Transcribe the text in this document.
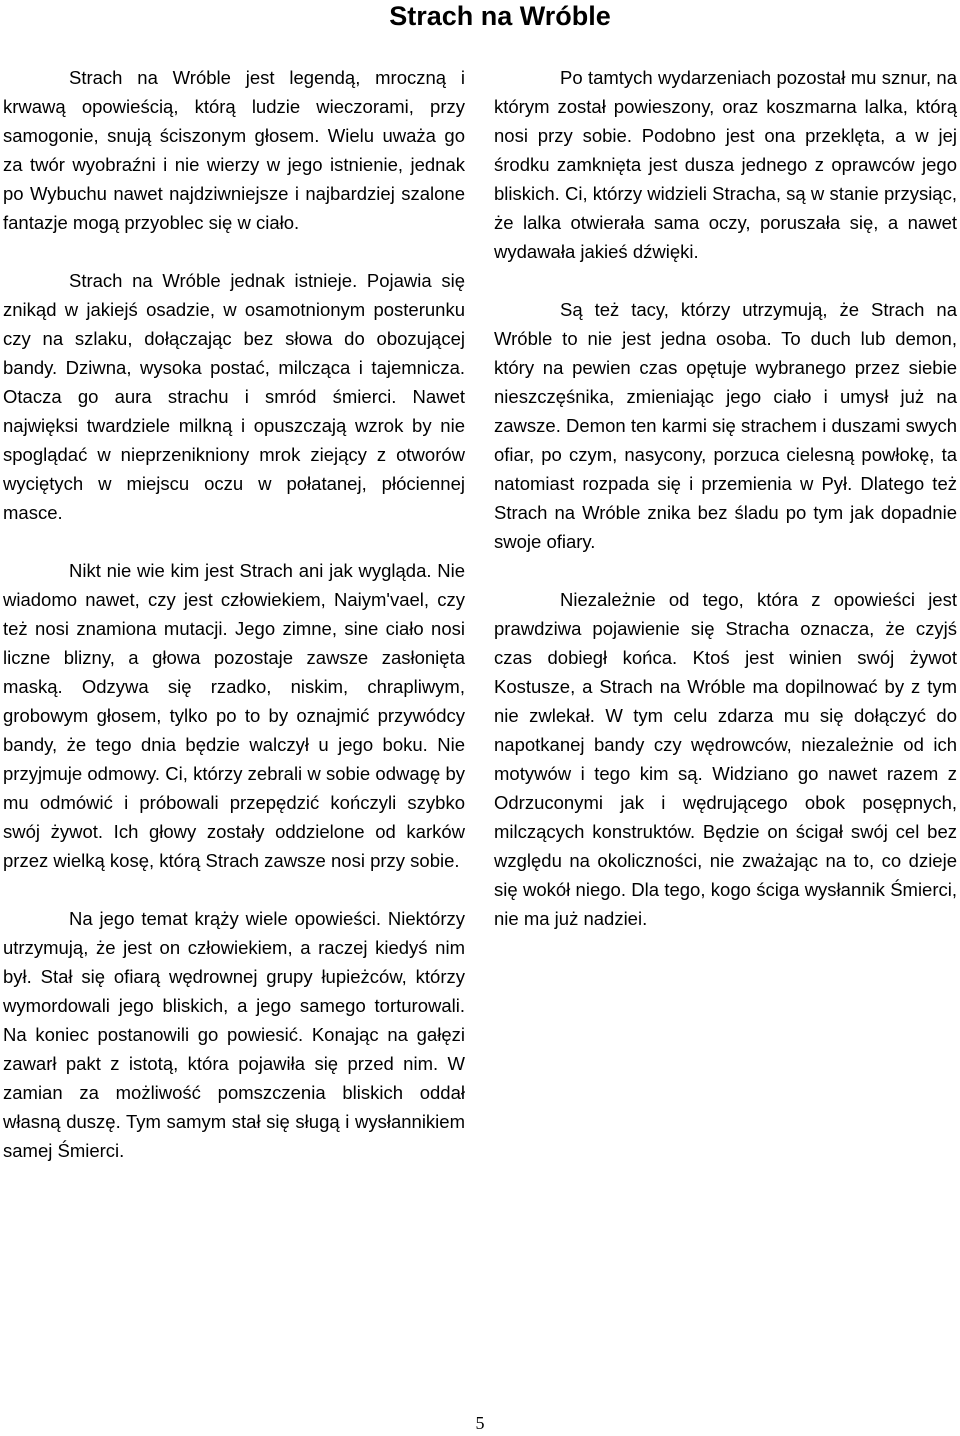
Strach na Wróble

Strach na Wróble jest legendą, mroczną i krwawą opowieścią, którą ludzie wieczorami, przy samogonie, snują ściszonym głosem. Wielu uważa go za twór wyobraźni i nie wierzy w jego istnienie, jednak po Wybuchu nawet najdziwniejsze i najbardziej szalone fantazje mogą przyoblec się w ciało.

Strach na Wróble jednak istnieje. Pojawia się znikąd w jakiejś osadzie, w osamotnionym posterunku czy na szlaku, dołączając bez słowa do obozującej bandy. Dziwna, wysoka postać, milcząca i tajemnicza. Otacza go aura strachu i smród śmierci. Nawet najwięksi twardziele milkną i opuszczają wzrok by nie spoglądać w nieprzenikniony mrok ziejący z otworów wyciętych w miejscu oczu w połatanej, płóciennej masce.

Nikt nie wie kim jest Strach ani jak wygląda. Nie wiadomo nawet, czy jest człowiekiem, Naiym'vael, czy też nosi znamiona mutacji. Jego zimne, sine ciało nosi liczne blizny, a głowa pozostaje zawsze zasłonięta maską. Odzywa się rzadko, niskim, chrapliwym, grobowym głosem, tylko po to by oznajmić przywódcy bandy, że tego dnia będzie walczył u jego boku. Nie przyjmuje odmowy. Ci, którzy zebrali w sobie odwagę by mu odmówić i próbowali przepędzić kończyli szybko swój żywot. Ich głowy zostały oddzielone od karków przez wielką kosę, którą Strach zawsze nosi przy sobie.

Na jego temat krąży wiele opowieści. Niektórzy utrzymują, że jest on człowiekiem, a raczej kiedyś nim był. Stał się ofiarą wędrownej grupy łupieżców, którzy wymordowali jego bliskich, a jego samego torturowali. Na koniec postanowili go powiesić. Konając na gałęzi zawarł pakt z istotą, która pojawiła się przed nim. W zamian za możliwość pomszczenia bliskich oddał własną duszę. Tym samym stał się sługą i wysłannikiem samej Śmierci.

Po tamtych wydarzeniach pozostał mu sznur, na którym został powieszony, oraz koszmarna lalka, którą nosi przy sobie. Podobno jest ona przeklęta, a w jej środku zamknięta jest dusza jednego z oprawców jego bliskich. Ci, którzy widzieli Stracha, są w stanie przysiąc, że lalka otwierała sama oczy, poruszała się, a nawet wydawała jakieś dźwięki.

Są też tacy, którzy utrzymują, że Strach na Wróble to nie jest jedna osoba. To duch lub demon, który na pewien czas opętuje wybranego przez siebie nieszczęśnika, zmieniając jego ciało i umysł już na zawsze. Demon ten karmi się strachem i duszami swych ofiar, po czym, nasycony, porzuca cielesną powłokę, ta natomiast rozpada się i przemienia w Pył. Dlatego też Strach na Wróble znika bez śladu po tym jak dopadnie swoje ofiary.

Niezależnie od tego, która z opowieści jest prawdziwa pojawienie się Stracha oznacza, że czyjś czas dobiegł końca. Ktoś jest winien swój żywot Kostusze, a Strach na Wróble ma dopilnować by z tym nie zwlekał. W tym celu zdarza mu się dołączyć do napotkanej bandy czy wędrowców, niezależnie od ich motywów i tego kim są. Widziano go nawet razem z Odrzuconymi jak i wędrującego obok posępnych, milczących konstruktów. Będzie on ścigał swój cel bez względu na okoliczności, nie zważając na to, co dzieje się wokół niego. Dla tego, kogo ściga wysłannik Śmierci, nie ma już nadziei.

5
